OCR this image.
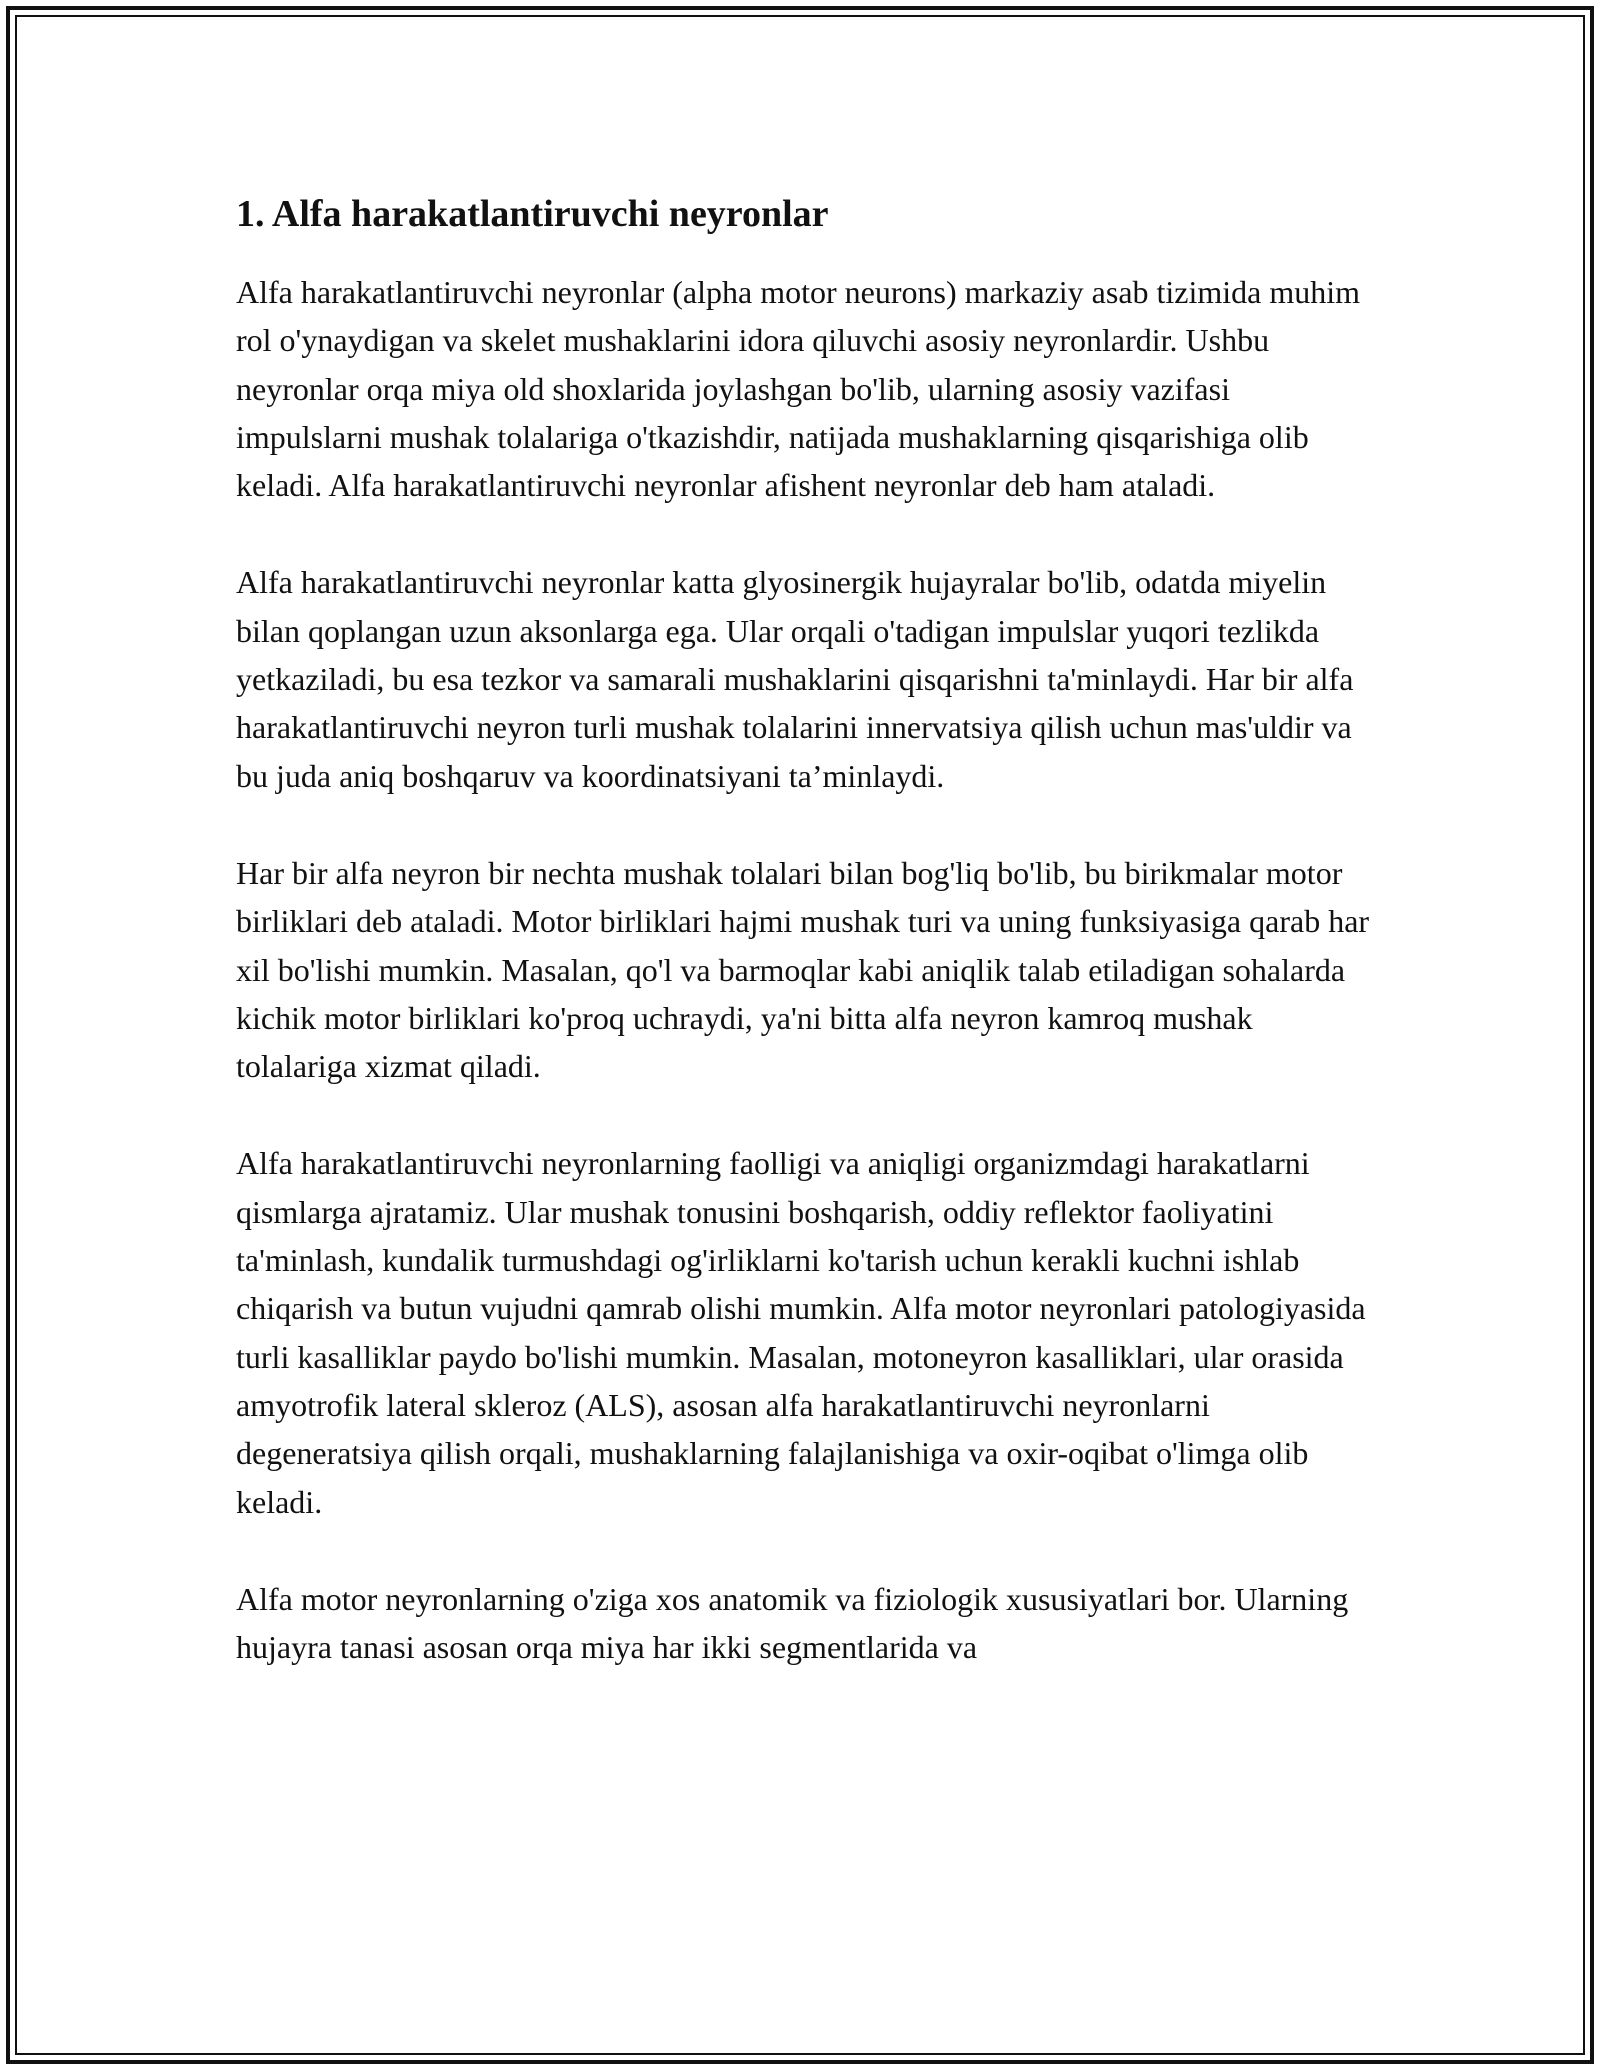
1. Alfa harakatlantiruvchi neyronlar

Alfa harakatlantiruvchi neyronlar (alpha motor neurons) markaziy asab tizimida muhim rol o'ynaydigan va skelet mushaklarini idora qiluvchi asosiy neyronlardir. Ushbu neyronlar orqa miya old shoxlarida joylashgan bo'lib, ularning asosiy vazifasi impulslarni mushak tolalariga o'tkazishdir, natijada mushaklarning qisqarishiga olib keladi. Alfa harakatlantiruvchi neyronlar afishent neyronlar deb ham ataladi.

Alfa harakatlantiruvchi neyronlar katta glyosinergik hujayralar bo'lib, odatda miyelin bilan qoplangan uzun aksonlarga ega. Ular orqali o'tadigan impulslar yuqori tezlikda yetkaziladi, bu esa tezkor va samarali mushaklarini qisqarishni ta'minlaydi. Har bir alfa harakatlantiruvchi neyron turli mushak tolalarini innervatsiya qilish uchun mas'uldir va bu juda aniq boshqaruv va koordinatsiyani ta’minlaydi.

Har bir alfa neyron bir nechta mushak tolalari bilan bog'liq bo'lib, bu birikmalar motor birliklari deb ataladi. Motor birliklari hajmi mushak turi va uning funksiyasiga qarab har xil bo'lishi mumkin. Masalan, qo'l va barmoqlar kabi aniqlik talab etiladigan sohalarda kichik motor birliklari ko'proq uchraydi, ya'ni bitta alfa neyron kamroq mushak tolalariga xizmat qiladi.

Alfa harakatlantiruvchi neyronlarning faolligi va aniqligi organizmdagi harakatlarni qismlarga ajratamiz. Ular mushak tonusini boshqarish, oddiy reflektor faoliyatini ta'minlash, kundalik turmushdagi og'irliklarni ko'tarish uchun kerakli kuchni ishlab chiqarish va butun vujudni qamrab olishi mumkin. Alfa motor neyronlari patologiyasida turli kasalliklar paydo bo'lishi mumkin. Masalan, motoneyron kasalliklari, ular orasida amyotrofik lateral skleroz (ALS), asosan alfa harakatlantiruvchi neyronlarni degeneratsiya qilish orqali, mushaklarning falajlanishiga va oxir-oqibat o'limga olib keladi.

Alfa motor neyronlarning o'ziga xos anatomik va fiziologik xususiyatlari bor. Ularning hujayra tanasi asosan orqa miya har ikki segmentlarida va
